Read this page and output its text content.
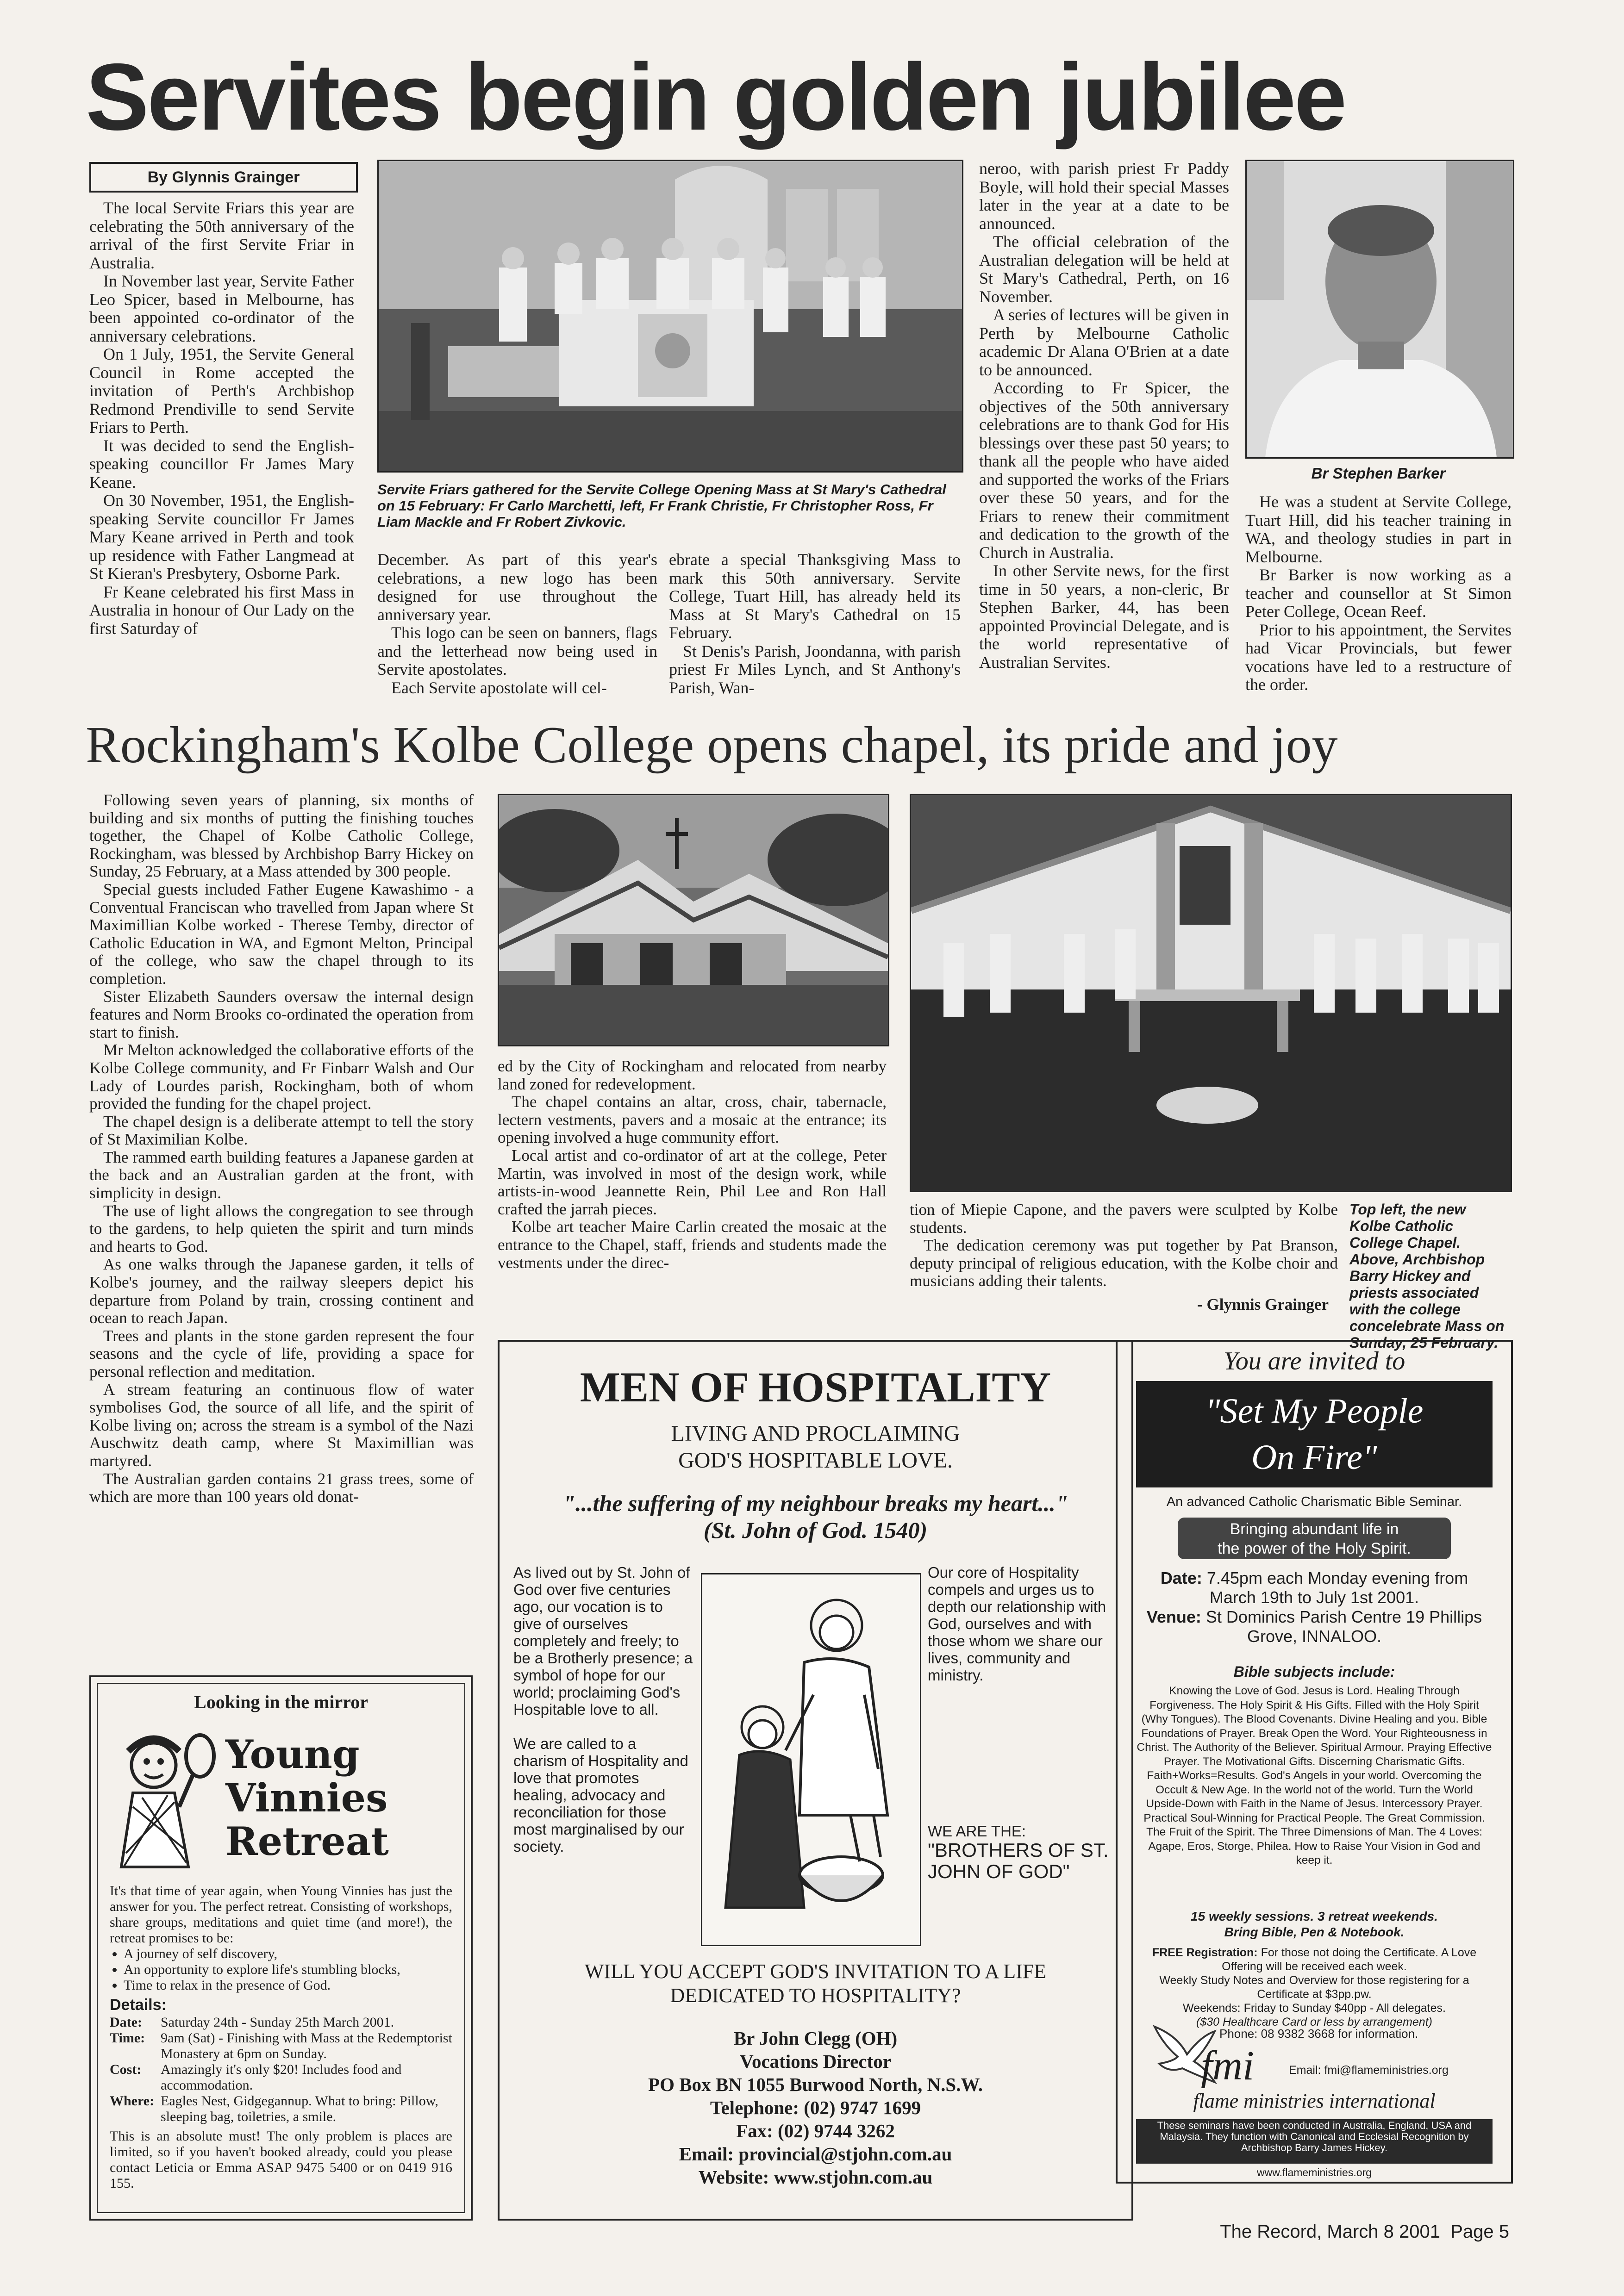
Servites begin golden jubilee
By Glynnis Grainger

The local Servite Friars this year are celebrating the 50th anniversary of the arrival of the first Servite Friar in Australia.

In November last year, Servite Father Leo Spicer, based in Melbourne, has been appointed co-ordinator of the anniversary celebrations.

On 1 July, 1951, the Servite General Council in Rome accepted the invitation of Perth's Archbishop Redmond Prendiville to send Servite Friars to Perth.

It was decided to send the English-speaking councillor Fr James Mary Keane.

On 30 November, 1951, the English-speaking Servite councillor Fr James Mary Keane arrived in Perth and took up residence with Father Langmead at St Kieran's Presbytery, Osborne Park.

Fr Keane celebrated his first Mass in Australia in honour of Our Lady on the first Saturday of

Servite Friars gathered for the Servite College Opening Mass at St Mary's Cathedral on 15 February: Fr Carlo Marchetti, left, Fr Frank Christie, Fr Christopher Ross, Fr Liam Mackle and Fr Robert Zivkovic.

December. As part of this year's celebrations, a new logo has been designed for use throughout the anniversary year.

This logo can be seen on banners, flags and the letterhead now being used in Servite apostolates.

Each Servite apostolate will cel-

ebrate a special Thanksgiving Mass to mark this 50th anniversary. Servite College, Tuart Hill, has already held its Mass at St Mary's Cathedral on 15 February.

St Denis's Parish, Joondanna, with parish priest Fr Miles Lynch, and St Anthony's Parish, Wan-

neroo, with parish priest Fr Paddy Boyle, will hold their special Masses later in the year at a date to be announced.

The official celebration of the Australian delegation will be held at St Mary's Cathedral, Perth, on 16 November.

A series of lectures will be given in Perth by Melbourne Catholic academic Dr Alana O'Brien at a date to be announced.

According to Fr Spicer, the objectives of the 50th anniversary celebrations are to thank God for His blessings over these past 50 years; to thank all the people who have aided and supported the works of the Friars over these 50 years, and for the Friars to renew their commitment and dedication to the growth of the Church in Australia.

In other Servite news, for the first time in 50 years, a non-cleric, Br Stephen Barker, 44, has been appointed Provincial Delegate, and is the world representative of Australian Servites.

Br Stephen Barker

He was a student at Servite College, Tuart Hill, did his teacher training in WA, and theology studies in part in Melbourne.

Br Barker is now working as a teacher and counsellor at St Simon Peter College, Ocean Reef.

Prior to his appointment, the Servites had Vicar Provincials, but fewer vocations have led to a restructure of the order.

Rockingham's Kolbe College opens chapel, its pride and joy

Following seven years of planning, six months of building and six months of putting the finishing touches together, the Chapel of Kolbe Catholic College, Rockingham, was blessed by Archbishop Barry Hickey on Sunday, 25 February, at a Mass attended by 300 people.

Special guests included Father Eugene Kawashimo - a Conventual Franciscan who travelled from Japan where St Maximillian Kolbe worked - Therese Temby, director of Catholic Education in WA, and Egmont Melton, Principal of the college, who saw the chapel through to its completion.

Sister Elizabeth Saunders oversaw the internal design features and Norm Brooks co-ordinated the operation from start to finish.

Mr Melton acknowledged the collaborative efforts of the Kolbe College community, and Fr Finbarr Walsh and Our Lady of Lourdes parish, Rockingham, both of whom provided the funding for the chapel project.

The chapel design is a deliberate attempt to tell the story of St Maximilian Kolbe.

The rammed earth building features a Japanese garden at the back and an Australian garden at the front, with simplicity in design.

The use of light allows the congregation to see through to the gardens, to help quieten the spirit and turn minds and hearts to God.

As one walks through the Japanese garden, it tells of Kolbe's journey, and the railway sleepers depict his departure from Poland by train, crossing continent and ocean to reach Japan.

Trees and plants in the stone garden represent the four seasons and the cycle of life, providing a space for personal reflection and meditation.

A stream featuring an continuous flow of water symbolises God, the source of all life, and the spirit of Kolbe living on; across the stream is a symbol of the Nazi Auschwitz death camp, where St Maximillian was martyred.

The Australian garden contains 21 grass trees, some of which are more than 100 years old donat-

ed by the City of Rockingham and relocated from nearby land zoned for redevelopment.

The chapel contains an altar, cross, chair, tabernacle, lectern vestments, pavers and a mosaic at the entrance; its opening involved a huge community effort.

Local artist and co-ordinator of art at the college, Peter Martin, was involved in most of the design work, while artists-in-wood Jeannette Rein, Phil Lee and Ron Hall crafted the jarrah pieces.

Kolbe art teacher Maire Carlin created the mosaic at the entrance to the Chapel, staff, friends and students made the vestments under the direc-

tion of Miepie Capone, and the pavers were sculpted by Kolbe students.

The dedication ceremony was put together by Pat Branson, deputy principal of religious education, with the Kolbe choir and musicians adding their talents.

- Glynnis Grainger

Top left, the new Kolbe Catholic College Chapel. Above, Archbishop Barry Hickey and priests associated with the college concelebrate Mass on Sunday, 25 February.
Looking in the mirror
Young
Vinnies
Retreat
It's that time of year again, when Young Vinnies has just the answer for you. The perfect retreat. Consisting of workshops, share groups, meditations and quiet time (and more!), the retreat promises to be:
• A journey of self discovery,
• An opportunity to explore life's stumbling blocks,
• Time to relax in the presence of God.
Details:
Date:	Saturday 24th - Sunday 25th March 2001.
Time:	9am (Sat) - Finishing with Mass at the Redemptorist Monastery at 6pm on Sunday.
Cost:	Amazingly it's only $20! Includes food and accommodation.
Where: Eagles Nest, Gidgegannup. What to bring: Pillow, sleeping bag, toiletries, a smile.
This is an absolute must! The only problem is places are limited, so if you haven't booked already, could you please contact Leticia or Emma ASAP 9475 5400 or on 0419 916 155.
MEN OF HOSPITALITY
LIVING AND PROCLAIMING
GOD'S HOSPITABLE LOVE.
"...the suffering of my neighbour breaks my heart..."
(St. John of God. 1540)
As lived out by St. John of God over five centuries ago, our vocation is to give of ourselves completely and freely; to be a Brotherly presence; a symbol of hope for our world; proclaiming God's Hospitable love to all.
We are called to a charism of Hospitality and love that promotes healing, advocacy and reconciliation for those most marginalised by our society.
Our core of Hospitality compels and urges us to depth our relationship with God, ourselves and with those whom we share our lives, community and ministry.
WE ARE THE:
"BROTHERS OF ST. JOHN OF GOD"
WILL YOU ACCEPT GOD'S INVITATION TO A LIFE
DEDICATED TO HOSPITALITY?
Br John Clegg (OH)
Vocations Director
PO Box BN 1055 Burwood North, N.S.W.
Telephone: (02) 9747 1699
Fax: (02) 9744 3262
Email: provincial@stjohn.com.au
Website: www.stjohn.com.au
You are invited to
"Set My People
On Fire"
An advanced Catholic Charismatic Bible Seminar.
Bringing abundant life in
the power of the Holy Spirit.
Date: 7.45pm each Monday evening from March 19th to July 1st 2001.
Venue: St Dominics Parish Centre 19 Phillips Grove, INNALOO.
Bible subjects include:
Knowing the Love of God. Jesus is Lord. Healing Through Forgiveness. The Holy Spirit & His Gifts. Filled with the Holy Spirit (Why Tongues). The Blood Covenants. Divine Healing and you. Bible Foundations of Prayer. Break Open the Word. Your Righteousness in Christ. The Authority of the Believer. Spiritual Armour. Praying Effective Prayer. The Motivational Gifts. Discerning Charismatic Gifts. Faith+Works=Results. God's Angels in your world. Overcoming the Occult & New Age. In the world not of the world. Turn the World Upside-Down with Faith in the Name of Jesus. Intercessory Prayer. Practical Soul-Winning for Practical People. The Great Commission. The Fruit of the Spirit. The Three Dimensions of Man. The 4 Loves: Agape, Eros, Storge, Philea. How to Raise Your Vision in God and keep it.
15 weekly sessions. 3 retreat weekends.
Bring Bible, Pen & Notebook.
FREE Registration: For those not doing the Certificate. A Love Offering will be received each week.
Weekly Study Notes and Overview for those registering for a Certificate at $3pp.pw.
Weekends: Friday to Sunday $40pp - All delegates.
($30 Healthcare Card or less by arrangement)
Phone: 08 9382 3668 for information.
fmi	Email: fmi@flameministries.org
flame ministries international
These seminars have been conducted in Australia, England, USA and Malaysia. They function with Canonical and Ecclesial Recognition by Archbishop Barry James Hickey.
www.flameministries.org
The Record, March 8 2001  Page 5
